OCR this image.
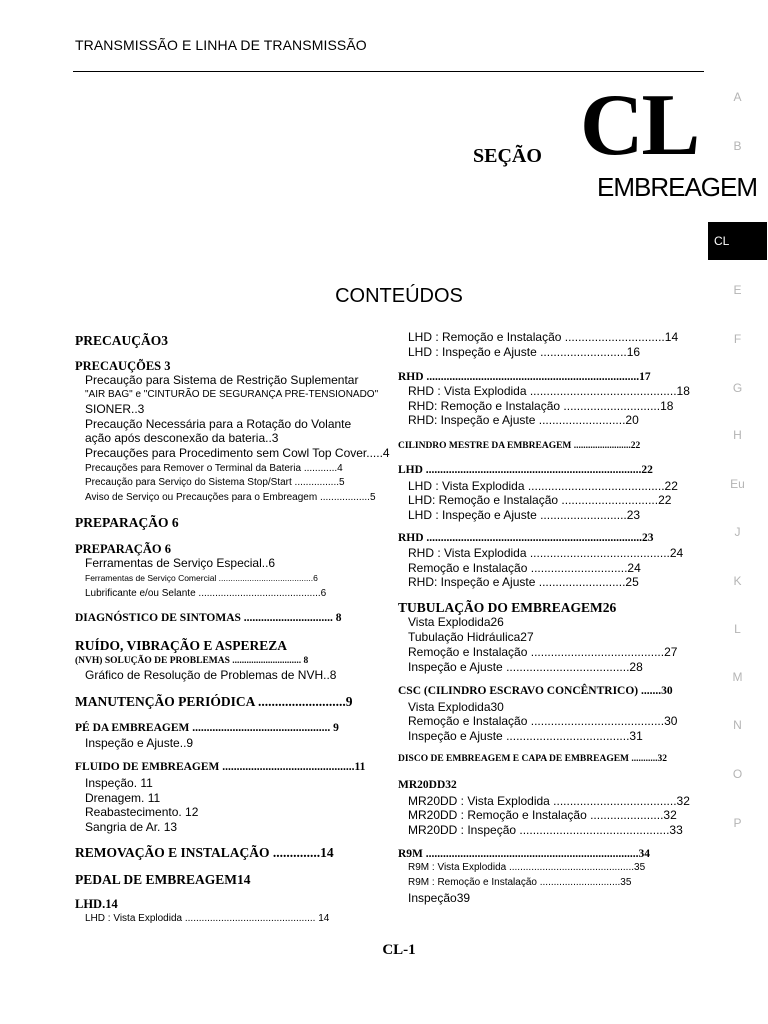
TRANSMISSÃO E LINHA DE TRANSMISSÃO
SEÇÃO CL
EMBREAGEM
A
B
CL
E
F
G
H
Eu
J
K
L
M
N
O
P
CONTEÚDOS
PRECAUÇÃO3
PRECAUÇÕES 3
Precaução para Sistema de Restrição Suplementar
"AIR BAG" e "CINTURÃO DE SEGURANÇA PRE-TENSIONADO"
SIONER..3
Precaução Necessária para a Rotação do Volante
ação após desconexão da bateria..3
Precauções para Procedimento sem Cowl Top Cover.....4
Precauções para Remover o Terminal da Bateria ............4
Precaução para Serviço do Sistema Stop/Start ................5
Aviso de Serviço ou Precauções para o Embreagem ..................5
PREPARAÇÃO 6
PREPARAÇÃO 6
Ferramentas de Serviço Especial..6
Ferramentas de Serviço Comercial ........................................6
Lubrificante e/ou Selante ............................................6
DIAGNÓSTICO DE SINTOMAS ............................... 8
RUÍDO, VIBRAÇÃO E ASPEREZA
(NVH) SOLUÇÃO DE PROBLEMAS ............................. 8
Gráfico de Resolução de Problemas de NVH..8
MANUTENÇÃO PERIÓDICA ..........................9
PÉ DA EMBREAGEM ................................................ 9
Inspeção e Ajuste..9
FLUIDO DE EMBREAGEM ..............................................11
Inspeção. 11
Drenagem. 11
Reabastecimento. 12
Sangria de Ar. 13
REMOVAÇÃO E INSTALAÇÃO ..............14
PEDAL DE EMBREAGEM14
LHD.14
LHD : Vista Explodida ............................................... 14
LHD : Remoção e Instalação ..............................14
LHD : Inspeção e Ajuste ..........................16
RHD ..........................................................................17
RHD : Vista Explodida ............................................18
RHD: Remoção e Instalação .............................18
RHD: Inspeção e Ajuste ..........................20
CILINDRO MESTRE DA EMBREAGEM ........................22
LHD ...........................................................................22
LHD : Vista Explodida .........................................22
LHD: Remoção e Instalação .............................22
LHD : Inspeção e Ajuste ..........................23
RHD ...........................................................................23
RHD : Vista Explodida ..........................................24
Remoção e Instalação .............................24
RHD: Inspeção e Ajuste ..........................25
TUBULAÇÃO DO EMBREAGEM26
Vista Explodida26
Tubulação Hidráulica27
Remoção e Instalação ........................................27
Inspeção e Ajuste .....................................28
CSC (CILINDRO ESCRAVO CONCÊNTRICO) .......30
Vista Explodida30
Remoção e Instalação ........................................30
Inspeção e Ajuste .....................................31
DISCO DE EMBREAGEM E CAPA DE EMBREAGEM ...........32
MR20DD32
MR20DD : Vista Explodida .....................................32
MR20DD : Remoção e Instalação ......................32
MR20DD : Inspeção .............................................33
R9M ..........................................................................34
R9M : Vista Explodida .............................................35
R9M : Remoção e Instalação .............................35
Inspeção39
CL-1
